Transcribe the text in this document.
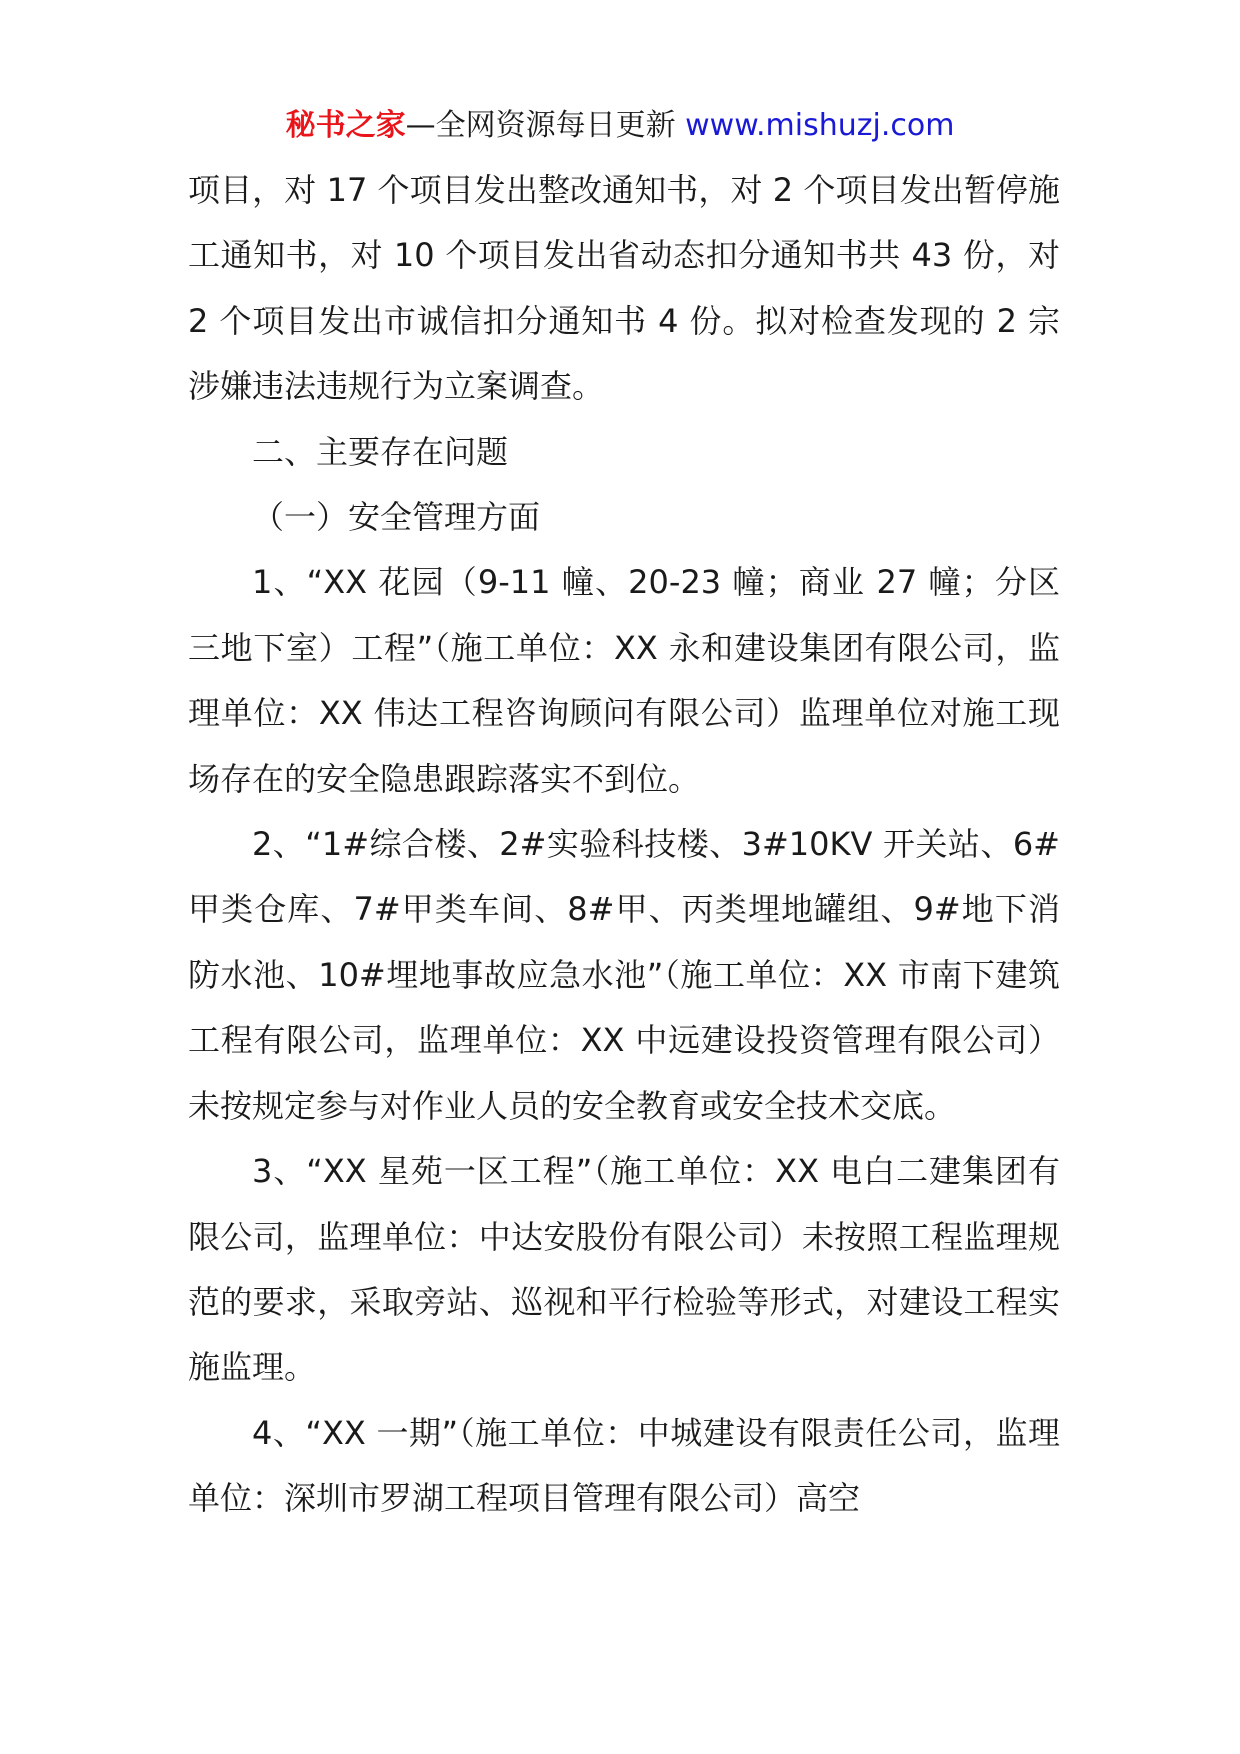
秘书之家—全网资源每日更新 www.mishuzj.com

项目，对 17 个项目发出整改通知书，对 2 个项目发出暂停施工通知书，对 10 个项目发出省动态扣分通知书共 43 份，对 2 个项目发出市诚信扣分通知书 4 份。拟对检查发现的 2 宗涉嫌违法违规行为立案调查。

二、主要存在问题

（一）安全管理方面

1、“XX 花园（9-11 幢、20-23 幢；商业 27 幢；分区三地下室）工程”（施工单位：XX 永和建设集团有限公司，监理单位：XX 伟达工程咨询顾问有限公司）监理单位对施工现场存在的安全隐患跟踪落实不到位。

2、“1#综合楼、2#实验科技楼、3#10KV 开关站、6#甲类仓库、7#甲类车间、8#甲、丙类埋地罐组、9#地下消防水池、10#埋地事故应急水池”（施工单位：XX 市南下建筑工程有限公司，监理单位：XX 中远建设投资管理有限公司）未按规定参与对作业人员的安全教育或安全技术交底。

3、“XX 星苑一区工程”（施工单位：XX 电白二建集团有限公司，监理单位：中达安股份有限公司）未按照工程监理规范的要求，采取旁站、巡视和平行检验等形式，对建设工程实施监理。

4、“XX 一期”（施工单位：中城建设有限责任公司，监理单位：深圳市罗湖工程项目管理有限公司）高空
